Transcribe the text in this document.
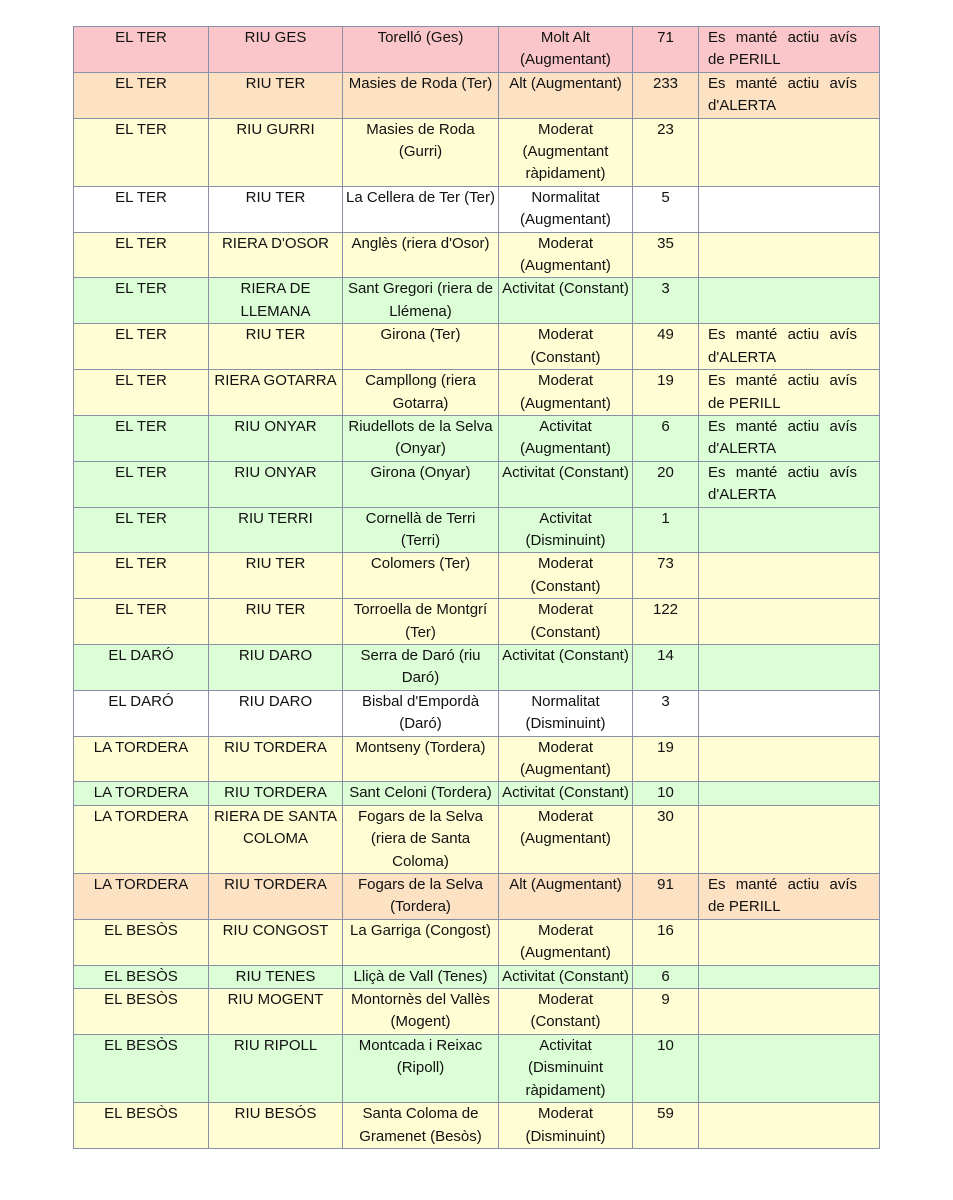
EL TER	RIU GES	Torelló (Ges)	Molt Alt (Augmentant)	71	Es manté actiu avís de PERILL
EL TER	RIU TER	Masies de Roda (Ter)	Alt (Augmentant)	233	Es manté actiu avís d'ALERTA
EL TER	RIU GURRI	Masies de Roda (Gurri)	Moderat (Augmentant ràpidament)	23	
EL TER	RIU TER	La Cellera de Ter (Ter)	Normalitat (Augmentant)	5	
EL TER	RIERA D'OSOR	Anglès (riera d'Osor)	Moderat (Augmentant)	35	
EL TER	RIERA DE LLEMANA	Sant Gregori (riera de Llémena)	Activitat (Constant)	3	
EL TER	RIU TER	Girona (Ter)	Moderat (Constant)	49	Es manté actiu avís d'ALERTA
EL TER	RIERA GOTARRA	Campllong (riera Gotarra)	Moderat (Augmentant)	19	Es manté actiu avís de PERILL
EL TER	RIU ONYAR	Riudellots de la Selva (Onyar)	Activitat (Augmentant)	6	Es manté actiu avís d'ALERTA
EL TER	RIU ONYAR	Girona (Onyar)	Activitat (Constant)	20	Es manté actiu avís d'ALERTA
EL TER	RIU TERRI	Cornellà de Terri (Terri)	Activitat (Disminuint)	1	
EL TER	RIU TER	Colomers (Ter)	Moderat (Constant)	73	
EL TER	RIU TER	Torroella de Montgrí (Ter)	Moderat (Constant)	122	
EL DARÓ	RIU DARO	Serra de Daró (riu Daró)	Activitat (Constant)	14	
EL DARÓ	RIU DARO	Bisbal d'Empordà (Daró)	Normalitat (Disminuint)	3	
LA TORDERA	RIU TORDERA	Montseny (Tordera)	Moderat (Augmentant)	19	
LA TORDERA	RIU TORDERA	Sant Celoni (Tordera)	Activitat (Constant)	10	
LA TORDERA	RIERA DE SANTA COLOMA	Fogars de la Selva (riera de Santa Coloma)	Moderat (Augmentant)	30	
LA TORDERA	RIU TORDERA	Fogars de la Selva (Tordera)	Alt (Augmentant)	91	Es manté actiu avís de PERILL
EL BESÒS	RIU CONGOST	La Garriga (Congost)	Moderat (Augmentant)	16	
EL BESÒS	RIU TENES	Lliçà de Vall (Tenes)	Activitat (Constant)	6	
EL BESÒS	RIU MOGENT	Montornès del Vallès (Mogent)	Moderat (Constant)	9	
EL BESÒS	RIU RIPOLL	Montcada i Reixac (Ripoll)	Activitat (Disminuint ràpidament)	10	
EL BESÒS	RIU BESÓS	Santa Coloma de Gramenet (Besòs)	Moderat (Disminuint)	59	
